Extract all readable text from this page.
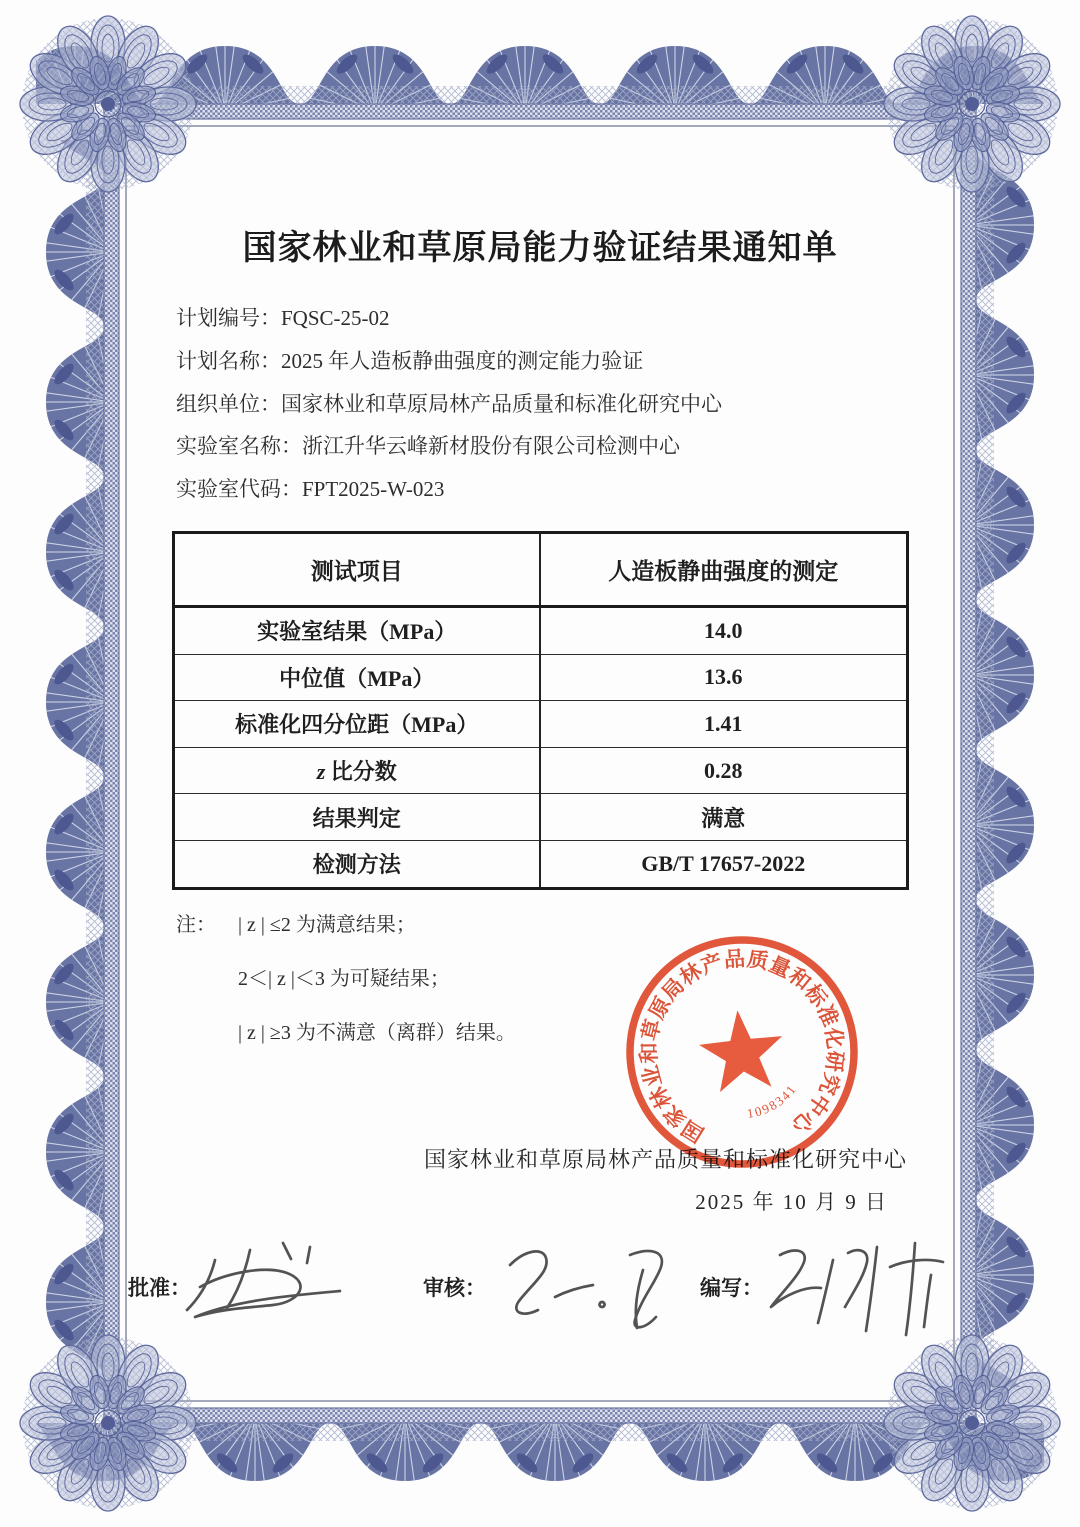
国家林业和草原局能力验证结果通知单
计划编号：FQSC-25-02
计划名称：2025 年人造板静曲强度的测定能力验证
组织单位：国家林业和草原局林产品质量和标准化研究中心
实验室名称：浙江升华云峰新材股份有限公司检测中心
实验室代码：FPT2025-W-023
测试项目	人造板静曲强度的测定
实验室结果（MPa）	14.0
中位值（MPa）	13.6
标准化四分位距（MPa）	1.41
z 比分数	0.28
结果判定	满意
检测方法	GB/T 17657-2022
注：	| z | ≤2 为满意结果；
2＜| z |＜3 为可疑结果；
| z | ≥3 为不满意（离群）结果。
国家林业和草原局林产品质量和标准化研究中心
2025 年 10 月 9 日
国家林业和草原局林产品质量和标准化研究中心
1098341
批准：	审核：	编写：
